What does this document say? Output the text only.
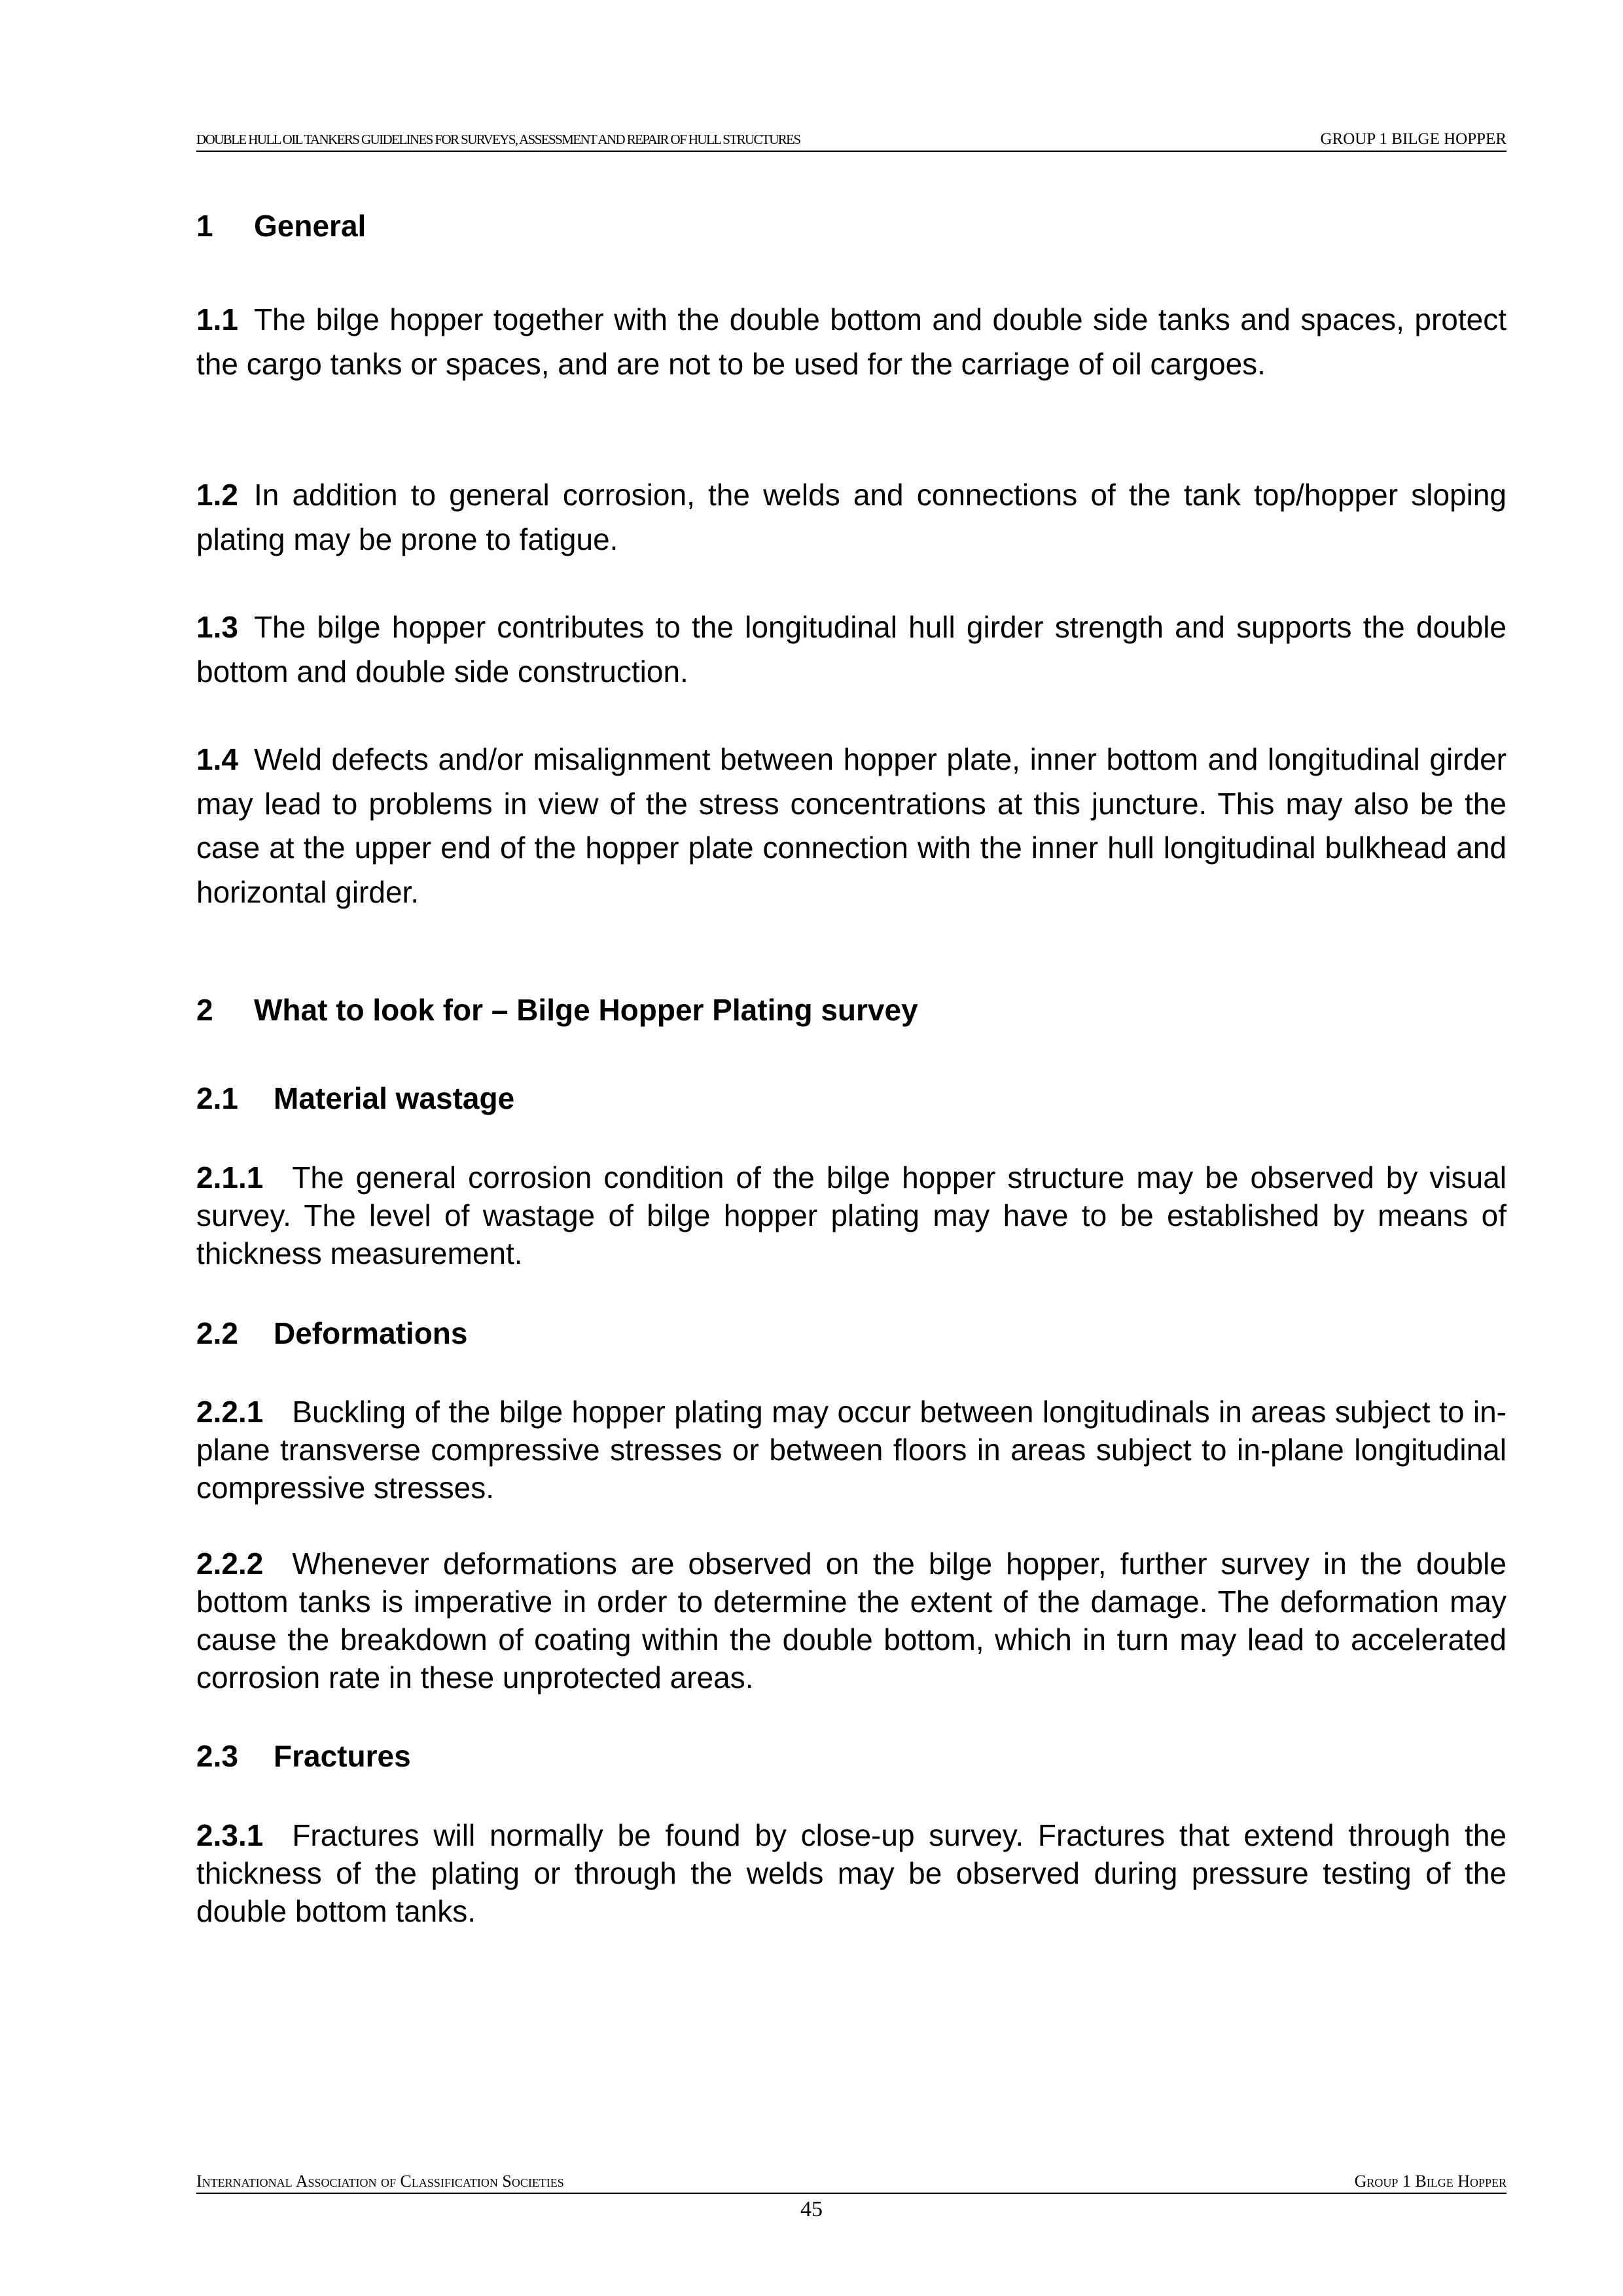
DOUBLE HULL OIL TANKERS GUIDELINES FOR SURVEYS, ASSESSMENT AND REPAIR OF HULL STRUCTURES	GROUP 1 BILGE HOPPER
1 General
1.1 The bilge hopper together with the double bottom and double side tanks and spaces, protect the cargo tanks or spaces, and are not to be used for the carriage of oil cargoes.
1.2 In addition to general corrosion, the welds and connections of the tank top/hopper sloping plating may be prone to fatigue.
1.3 The bilge hopper contributes to the longitudinal hull girder strength and supports the double bottom and double side construction.
1.4 Weld defects and/or misalignment between hopper plate, inner bottom and longitudinal girder may lead to problems in view of the stress concentrations at this juncture. This may also be the case at the upper end of the hopper plate connection with the inner hull longitudinal bulkhead and horizontal girder.
2 What to look for – Bilge Hopper Plating survey
2.1 Material wastage
2.1.1 The general corrosion condition of the bilge hopper structure may be observed by visual survey. The level of wastage of bilge hopper plating may have to be established by means of thickness measurement.
2.2 Deformations
2.2.1 Buckling of the bilge hopper plating may occur between longitudinals in areas subject to in-plane transverse compressive stresses or between floors in areas subject to in-plane longitudinal compressive stresses.
2.2.2 Whenever deformations are observed on the bilge hopper, further survey in the double bottom tanks is imperative in order to determine the extent of the damage. The deformation may cause the breakdown of coating within the double bottom, which in turn may lead to accelerated corrosion rate in these unprotected areas.
2.3 Fractures
2.3.1 Fractures will normally be found by close-up survey. Fractures that extend through the thickness of the plating or through the welds may be observed during pressure testing of the double bottom tanks.
International Association of Classification Societies	Group 1 Bilge Hopper
45
